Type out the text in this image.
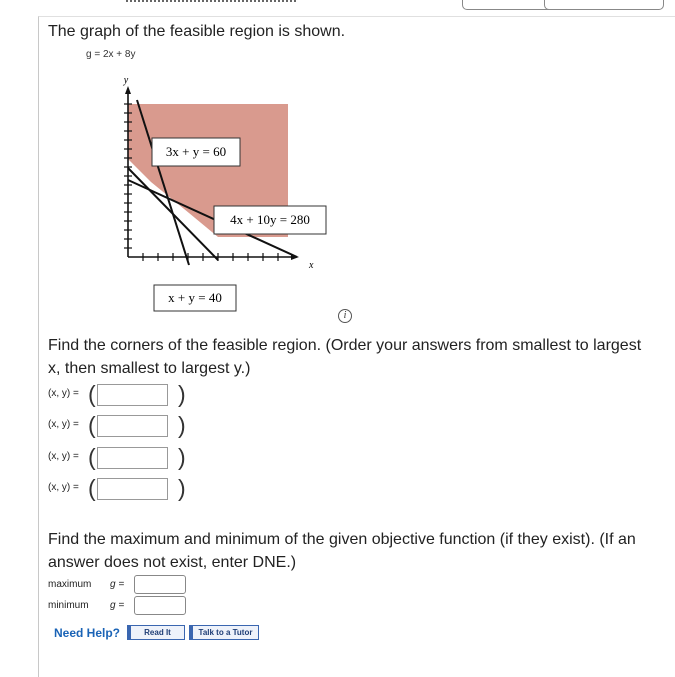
The graph of the feasible region is shown.
g = 2x + 8y
y
x
3x + y = 60
4x + 10y = 280
x + y = 40
i
Find the corners of the feasible region. (Order your answers from smallest to largest x, then smallest to largest y.)
(x, y) = (	)
(x, y) = (	)
(x, y) = (	)
(x, y) = (	)
Find the maximum and minimum of the given objective function (if they exist). (If an answer does not exist, enter DNE.)
maximum	g =
minimum	g =
Need Help?	Read It	Talk to a Tutor
